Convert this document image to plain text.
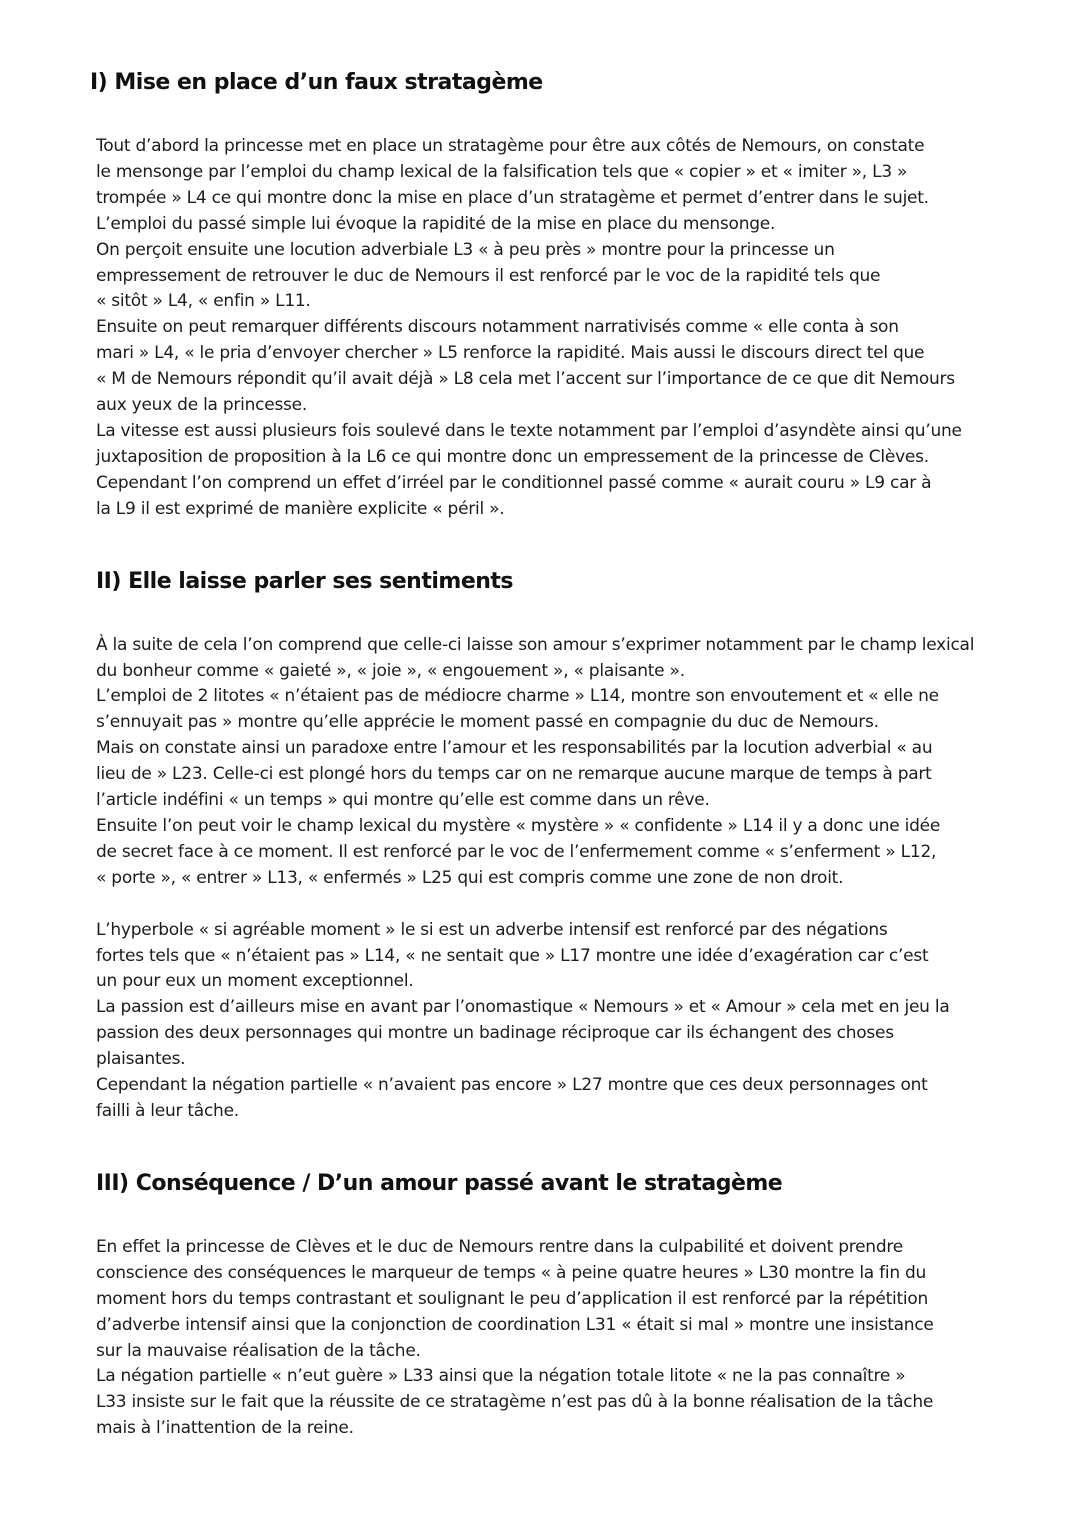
I) Mise en place d’un faux stratagème

Tout d’abord la princesse met en place un stratagème pour être aux côtés de Nemours, on constate
le mensonge par l’emploi du champ lexical de la falsification tels que « copier » et « imiter », L3 »
trompée » L4 ce qui montre donc la mise en place d’un stratagème et permet d’entrer dans le sujet.
L’emploi du passé simple lui évoque la rapidité de la mise en place du mensonge.
On perçoit ensuite une locution adverbiale L3 « à peu près » montre pour la princesse un
empressement de retrouver le duc de Nemours il est renforcé par le voc de la rapidité tels que
« sitôt » L4, « enfin » L11.
Ensuite on peut remarquer différents discours notamment narrativisés comme « elle conta à son
mari » L4, « le pria d’envoyer chercher » L5 renforce la rapidité. Mais aussi le discours direct tel que
« M de Nemours répondit qu’il avait déjà » L8 cela met l’accent sur l’importance de ce que dit Nemours
aux yeux de la princesse.
La vitesse est aussi plusieurs fois soulevé dans le texte notamment par l’emploi d’asyndète ainsi qu’une
juxtaposition de proposition à la L6 ce qui montre donc un empressement de la princesse de Clèves.
Cependant l’on comprend un effet d’irréel par le conditionnel passé comme « aurait couru » L9 car à
la L9 il est exprimé de manière explicite « péril ».

II) Elle laisse parler ses sentiments

À la suite de cela l’on comprend que celle-ci laisse son amour s’exprimer notamment par le champ lexical
du bonheur comme « gaieté », « joie », « engouement », « plaisante ».
L’emploi de 2 litotes « n’étaient pas de médiocre charme » L14, montre son envoutement et « elle ne
s’ennuyait pas » montre qu’elle apprécie le moment passé en compagnie du duc de Nemours.
Mais on constate ainsi un paradoxe entre l’amour et les responsabilités par la locution adverbial « au
lieu de » L23. Celle-ci est plongé hors du temps car on ne remarque aucune marque de temps à part
l’article indéfini « un temps » qui montre qu’elle est comme dans un rêve.
Ensuite l’on peut voir le champ lexical du mystère « mystère » « confidente » L14 il y a donc une idée
de secret face à ce moment. Il est renforcé par le voc de l’enfermement comme « s’enferment » L12,
« porte », « entrer » L13, « enfermés » L25 qui est compris comme une zone de non droit.

L’hyperbole « si agréable moment » le si est un adverbe intensif est renforcé par des négations
fortes tels que « n’étaient pas » L14, « ne sentait que » L17 montre une idée d’exagération car c’est
un pour eux un moment exceptionnel.
La passion est d’ailleurs mise en avant par l’onomastique « Nemours » et « Amour » cela met en jeu la
passion des deux personnages qui montre un badinage réciproque car ils échangent des choses
plaisantes.
Cependant la négation partielle « n’avaient pas encore » L27 montre que ces deux personnages ont
failli à leur tâche.

III) Conséquence / D’un amour passé avant le stratagème

En effet la princesse de Clèves et le duc de Nemours rentre dans la culpabilité et doivent prendre
conscience des conséquences le marqueur de temps « à peine quatre heures » L30 montre la fin du
moment hors du temps contrastant et soulignant le peu d’application il est renforcé par la répétition
d’adverbe intensif ainsi que la conjonction de coordination L31 « était si mal » montre une insistance
sur la mauvaise réalisation de la tâche.
La négation partielle « n’eut guère » L33 ainsi que la négation totale litote « ne la pas connaître »
L33 insiste sur le fait que la réussite de ce stratagème n’est pas dû à la bonne réalisation de la tâche
mais à l’inattention de la reine.
